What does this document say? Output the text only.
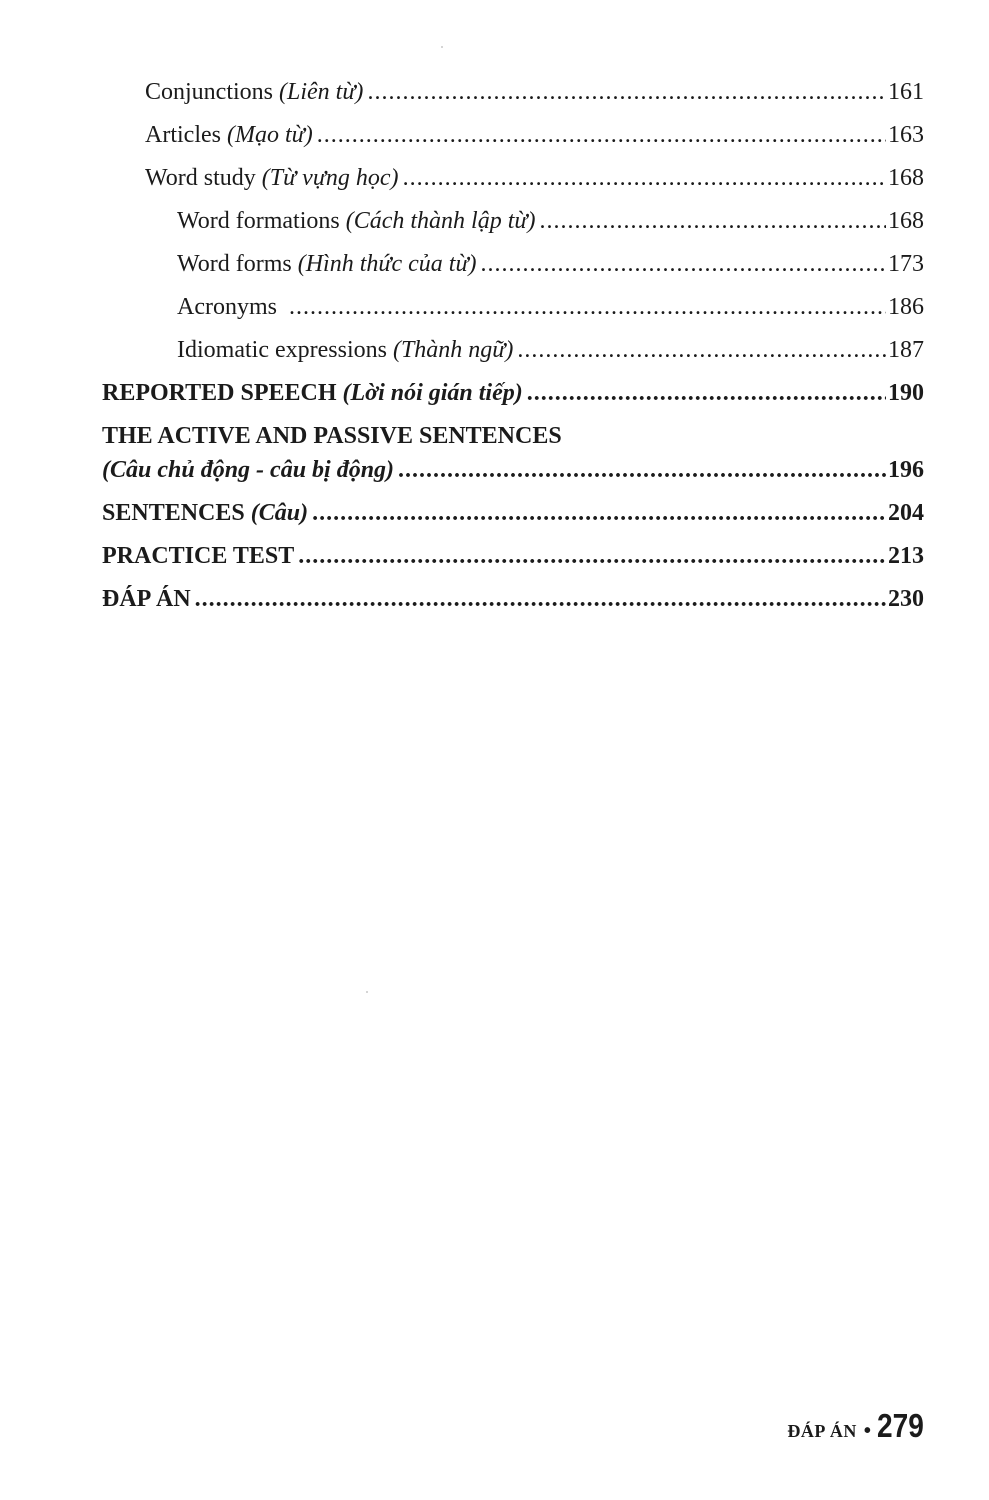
Conjunctions (Liên từ) .....	161
Articles (Mạo từ) .....	163
Word study (Từ vựng học) .....	168
Word formations (Cách thành lập từ) .....	168
Word forms (Hình thức của từ) .....	173
Acronyms .....	186
Idiomatic expressions (Thành ngữ) .....	187
REPORTED SPEECH (Lời nói gián tiếp) .....	190
THE ACTIVE AND PASSIVE SENTENCES
(Câu chủ động - câu bị động) .....	196
SENTENCES (Câu) .....	204
PRACTICE TEST .....	213
ĐÁP ÁN .....	230
ĐÁP ÁN • 279
